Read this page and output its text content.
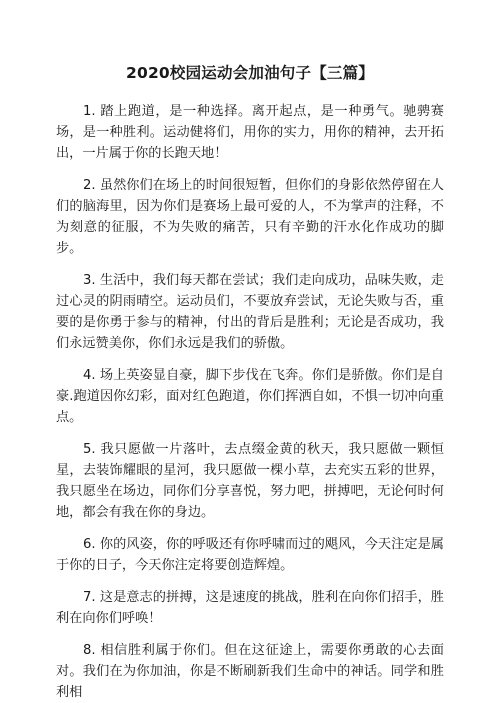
2020校园运动会加油句子【三篇】

1. 踏上跑道，是一种选择。离开起点，是一种勇气。驰骋赛场，是一种胜利。运动健将们，用你的实力，用你的精神，去开拓出，一片属于你的长跑天地！

2. 虽然你们在场上的时间很短暂，但你们的身影依然停留在人们的脑海里，因为你们是赛场上最可爱的人，不为掌声的注释，不为刻意的征服，不为失败的痛苦，只有辛勤的汗水化作成功的脚步。

3. 生活中，我们每天都在尝试；我们走向成功，品味失败，走过心灵的阴雨晴空。运动员们，不要放弃尝试，无论失败与否，重要的是你勇于参与的精神，付出的背后是胜利；无论是否成功，我们永远赞美你，你们永远是我们的骄傲。

4. 场上英姿显自豪，脚下步伐在飞奔。你们是骄傲。你们是自豪.跑道因你幻彩，面对红色跑道，你们挥洒自如，不惧一切冲向重点。

5. 我只愿做一片落叶，去点缀金黄的秋天，我只愿做一颗恒星，去装饰耀眼的星河，我只愿做一棵小草，去充实五彩的世界，我只愿坐在场边，同你们分享喜悦，努力吧，拼搏吧，无论何时何地，都会有我在你的身边。

6. 你的风姿，你的呼吸还有你呼啸而过的飓风，今天注定是属于你的日子，今天你注定将要创造辉煌。

7. 这是意志的拼搏，这是速度的挑战，胜利在向你们招手，胜利在向你们呼唤！

8. 相信胜利属于你们。但在这征途上，需要你勇敢的心去面对。我们在为你加油，你是不断刷新我们生命中的神话。同学和胜利相
